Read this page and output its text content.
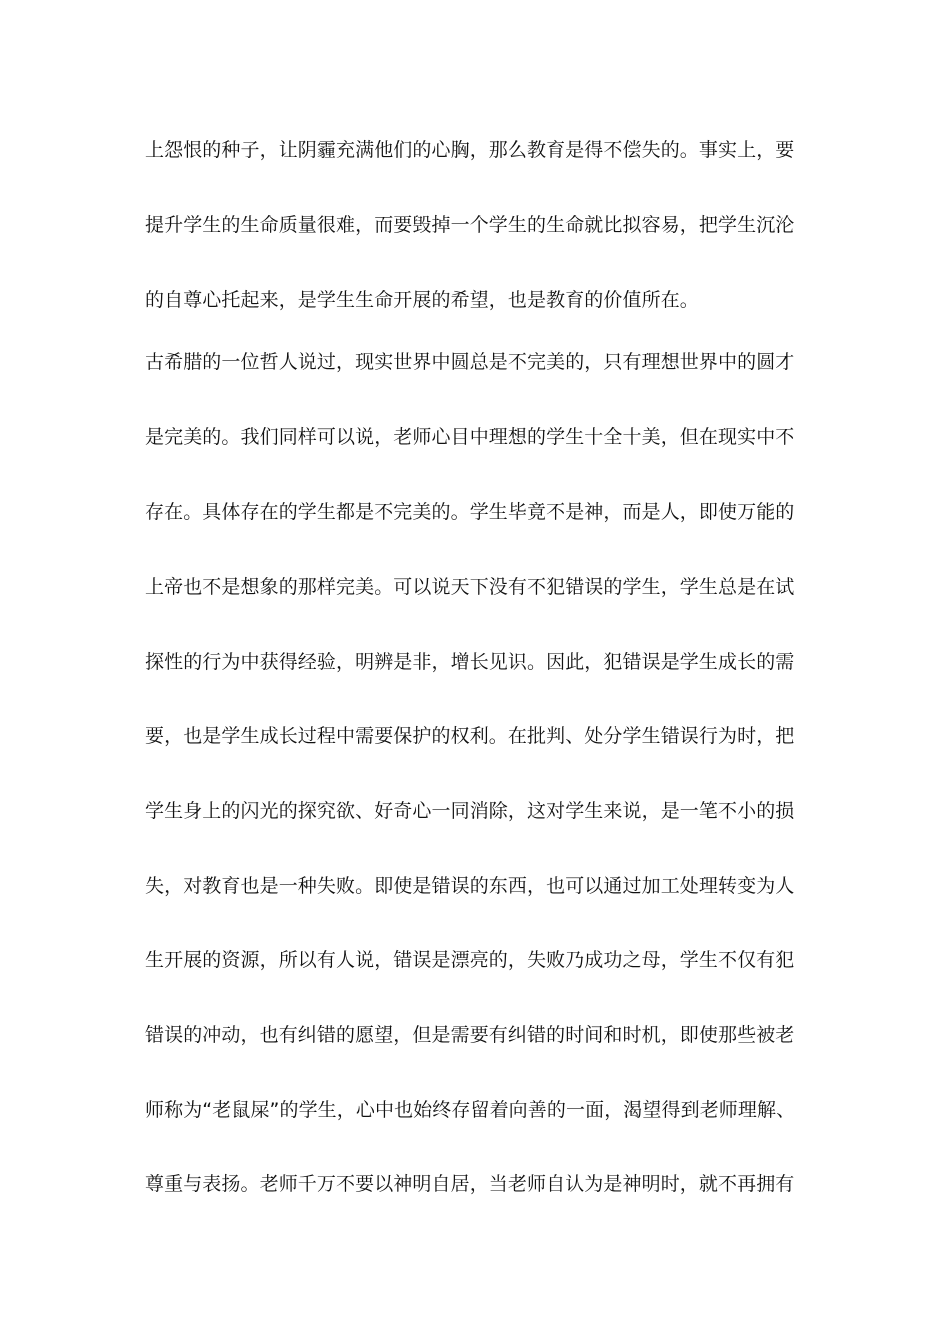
上怨恨的种子，让阴霾充满他们的心胸，那么教育是得不偿失的。事实上，要
提升学生的生命质量很难，而要毁掉一个学生的生命就比拟容易，把学生沉沦
的自尊心托起来，是学生生命开展的希望，也是教育的价值所在。
古希腊的一位哲人说过，现实世界中圆总是不完美的，只有理想世界中的圆才
是完美的。我们同样可以说，老师心目中理想的学生十全十美，但在现实中不
存在。具体存在的学生都是不完美的。学生毕竟不是神，而是人，即使万能的
上帝也不是想象的那样完美。可以说天下没有不犯错误的学生，学生总是在试
探性的行为中获得经验，明辨是非，增长见识。因此，犯错误是学生成长的需
要，也是学生成长过程中需要保护的权利。在批判、处分学生错误行为时，把
学生身上的闪光的探究欲、好奇心一同消除，这对学生来说，是一笔不小的损
失，对教育也是一种失败。即使是错误的东西，也可以通过加工处理转变为人
生开展的资源，所以有人说，错误是漂亮的，失败乃成功之母，学生不仅有犯
错误的冲动，也有纠错的愿望，但是需要有纠错的时间和时机，即使那些被老
师称为“老鼠屎”的学生，心中也始终存留着向善的一面，渴望得到老师理解、
尊重与表扬。老师千万不要以神明自居，当老师自认为是神明时，就不再拥有
